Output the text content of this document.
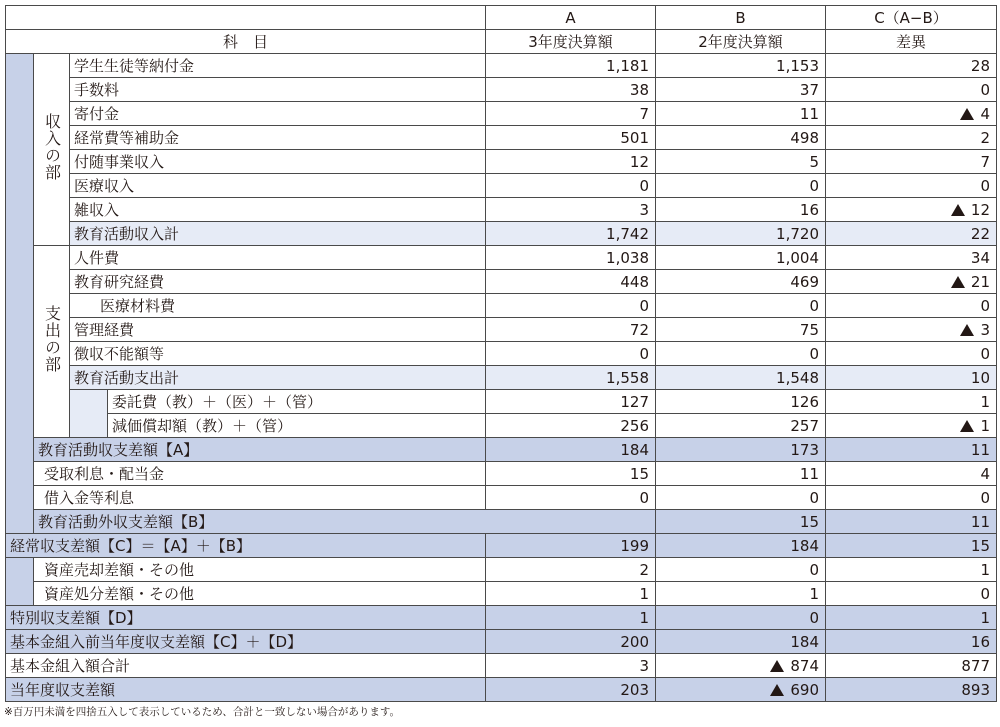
				A	B	C（A−B）	
科　目				3年度決算額	2年度決算額	差異	
	収入の部	学生生徒等納付金		1,181	1,153	28	
		手数料		38	37	0	
		寄付金		7	11	4	
		経常費等補助金		501	498	2	
		付随事業収入		12	5	7	
		医療収入		0	0	0	
		雑収入		3	16	12	
		教育活動収入計		1,742	1,720	22	
	支出の部	人件費		1,038	1,004	34	
		教育研究経費		448	469	21	
		医療材料費		0	0	0	
		管理経費		72	75	3	
		徴収不能額等		0	0	0	
		教育活動支出計		1,558	1,548	10	
			委託費（教）＋（医）＋（管）	127	126	1	
			減価償却額（教）＋（管）	256	257	1	
	教育活動収支差額【A】			184	173	11	
	受取利息・配当金			15	11	4	
	借入金等利息			0	0	0	
	教育活動外収支差額【B】				15	11	
経常収支差額【C】＝【A】＋【B】				199	184	15	
	資産売却差額・その他			2	0	1	
	資産処分差額・その他			1	1	0	
特別収支差額【D】				1	0	1	
基本金組入前当年度収支差額【C】＋【D】				200	184	16	
基本金組入額合計				3	874	877	
当年度収支差額				203	690	893	
※百万円未満を四捨五入して表示しているため、合計と一致しない場合があります。
